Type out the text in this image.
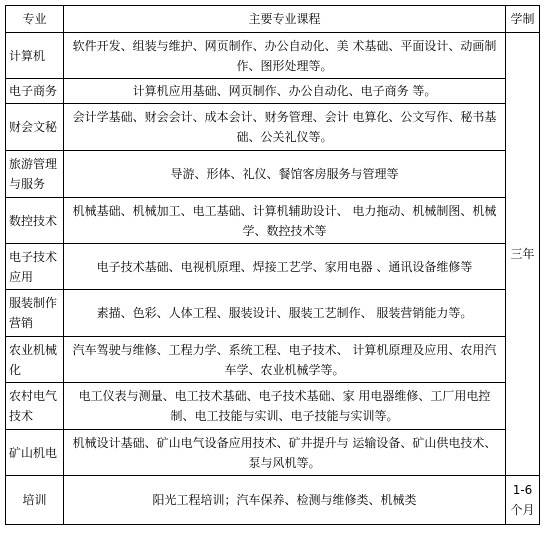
专业	主要专业课程	学制
计算机	软件开发、组装与维护、网页制作、办公自动化、美 术基础、平面设计、动画制作、图形处理等。	三年
电子商务	计算机应用基础、网页制作、办公自动化、电子商务 等。	
财会文秘	会计学基础、财会会计、成本会计、财务管理、会计 电算化、公文写作、秘书基础、公关礼仪等。	
旅游管理与服务	导游、形体、礼仪、餐馆客房服务与管理等	
数控技术	机械基础、机械加工、电工基础、计算机辅助设计、 电力拖动、机械制图、机械学、数控技术等	
电子技术应用	电子技术基础、电视机原理、焊接工艺学、家用电器 、通讯设备维修等	
服装制作营销	素描、色彩、人体工程、服装设计、服装工艺制作、 服装营销能力等。	
农业机械化	汽车驾驶与维修、工程力学、系统工程、电子技术、 计算机原理及应用、农用汽车学、农业机械学等。	
农村电气技术	电工仪表与测量、电工技术基础、电子技术基础、家 用电器维修、工厂用电控制、电工技能与实训、电子技能与实训等。	
矿山机电	机械设计基础、矿山电气设备应用技术、矿井提升与 运输设备、矿山供电技术、泵与风机等。	
培训	阳光工程培训；汽车保养、检测与维修类、机械类	1-6个月
